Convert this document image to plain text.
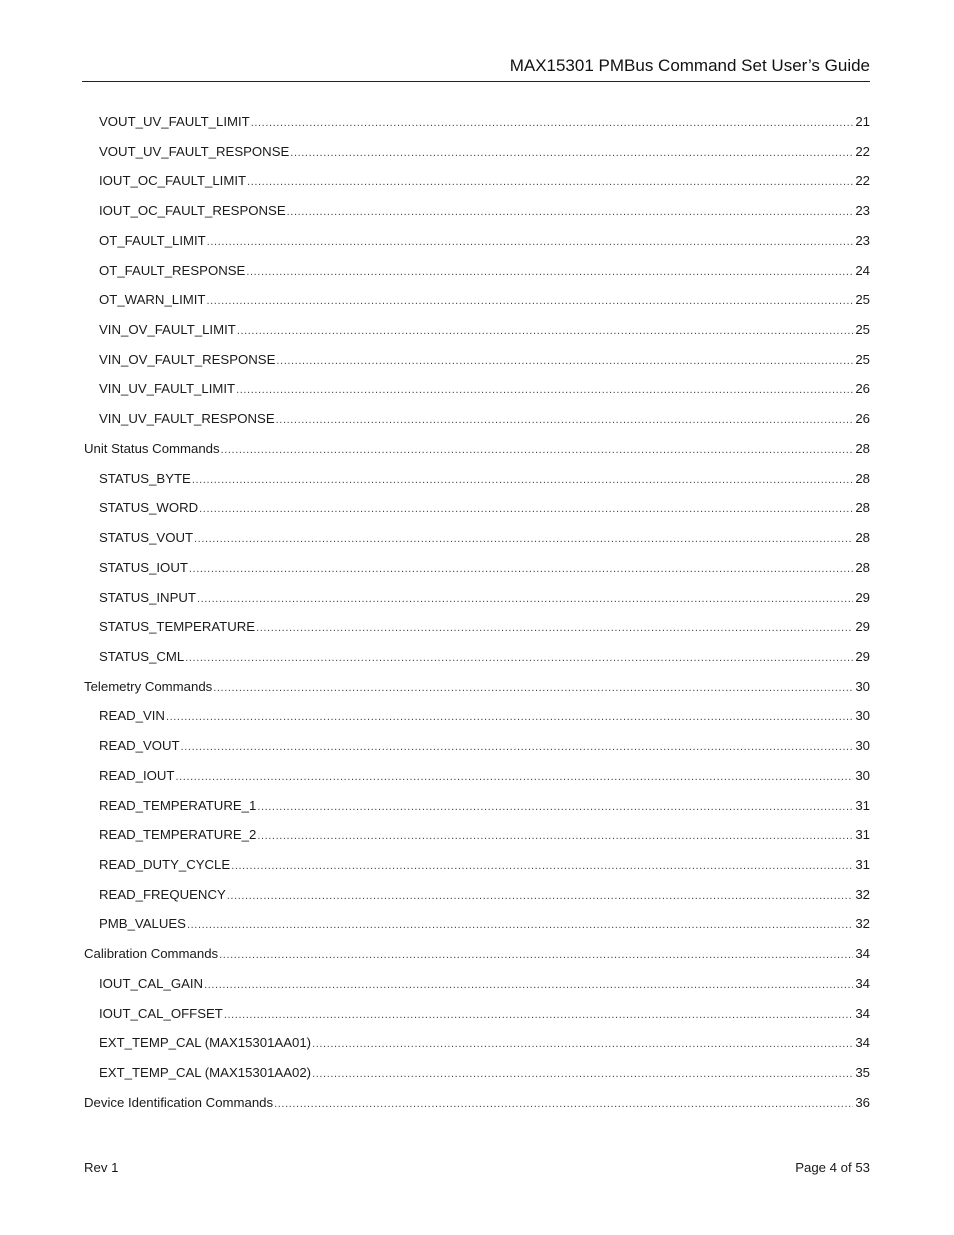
MAX15301 PMBus Command Set User’s Guide
VOUT_UV_FAULT_LIMIT .....	21
VOUT_UV_FAULT_RESPONSE .....	22
IOUT_OC_FAULT_LIMIT .....	22
IOUT_OC_FAULT_RESPONSE .....	23
OT_FAULT_LIMIT .....	23
OT_FAULT_RESPONSE .....	24
OT_WARN_LIMIT .....	25
VIN_OV_FAULT_LIMIT .....	25
VIN_OV_FAULT_RESPONSE .....	25
VIN_UV_FAULT_LIMIT .....	26
VIN_UV_FAULT_RESPONSE .....	26
Unit Status Commands .....	28
STATUS_BYTE .....	28
STATUS_WORD .....	28
STATUS_VOUT .....	28
STATUS_IOUT .....	28
STATUS_INPUT .....	29
STATUS_TEMPERATURE .....	29
STATUS_CML .....	29
Telemetry Commands .....	30
READ_VIN .....	30
READ_VOUT .....	30
READ_IOUT .....	30
READ_TEMPERATURE_1 .....	31
READ_TEMPERATURE_2 .....	31
READ_DUTY_CYCLE .....	31
READ_FREQUENCY .....	32
PMB_VALUES .....	32
Calibration Commands .....	34
IOUT_CAL_GAIN .....	34
IOUT_CAL_OFFSET .....	34
EXT_TEMP_CAL (MAX15301AA01) .....	34
EXT_TEMP_CAL (MAX15301AA02) .....	35
Device Identification Commands .....	36
Rev 1	Page 4 of 53
